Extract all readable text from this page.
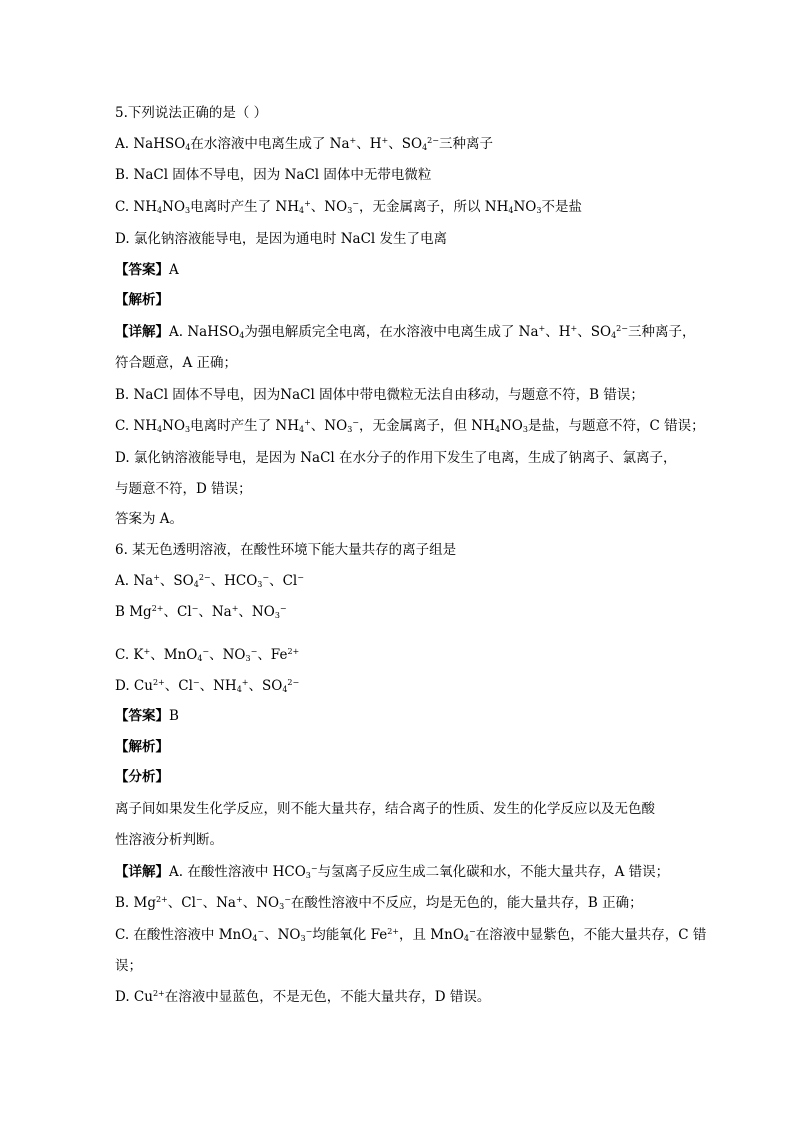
5.下列说法正确的是（ ）
A. NaHSO$_4$在水溶液中电离生成了 Na+、H+、$SO_4^{2-}$三种离子
B. NaCl 固体不导电，因为 NaCl 固体中无带电微粒
C. $NH_4NO_3$电离时产生了 $NH_4^+$、$NO_3^-$，无金属离子，所以 $NH_4NO_3$不是盐
D. 氯化钠溶液能导电，是因为通电时 NaCl 发生了电离
【答案】A
【解析】
【详解】A. NaHSO$_4$为强电解质完全电离，在水溶液中电离生成了 Na+、H+、$SO_4^{2-}$三种离子，
符合题意，A 正确；
B. NaCl 固体不导电，因为NaCl 固体中带电微粒无法自由移动，与题意不符，B 错误；
C. $NH_4NO_3$电离时产生了 $NH_4^+$、$NO_3^-$，无金属离子，但 $NH_4NO_3$是盐，与题意不符，C 错误；
D. 氯化钠溶液能导电，是因为 NaCl 在水分子的作用下发生了电离，生成了钠离子、氯离子，
与题意不符，D 错误；
答案为 A。
6. 某无色透明溶液，在酸性环境下能大量共存的离子组是
A. Na+、$SO_4^{2-}$、$HCO_3^-$、Cl−
B $Mg^{2+}$、Cl−、Na+、$NO_3^-$
C. K+、MnO$_4$−、$NO_3^-$、$Fe^{2+}$
D. $Cu^{2+}$、Cl−、$NH_4^+$、$SO_4^{2-}$
【答案】B
【解析】
【分析】
离子间如果发生化学反应，则不能大量共存，结合离子的性质、发生的化学反应以及无色酸
性溶液分析判断。
【详解】A. 在酸性溶液中 $HCO_3^-$与氢离子反应生成二氧化碳和水，不能大量共存，A 错误；
B. $Mg^{2+}$、Cl−、Na+、$NO_3^-$在酸性溶液中不反应，均是无色的，能大量共存，B 正确；
C. 在酸性溶液中 MnO$_4$−、$NO_3^-$均能氧化 $Fe^{2+}$，且 MnO$_4$−在溶液中显紫色，不能大量共存，C 错
误；
D. $Cu^{2+}$在溶液中显蓝色，不是无色，不能大量共存，D 错误。
